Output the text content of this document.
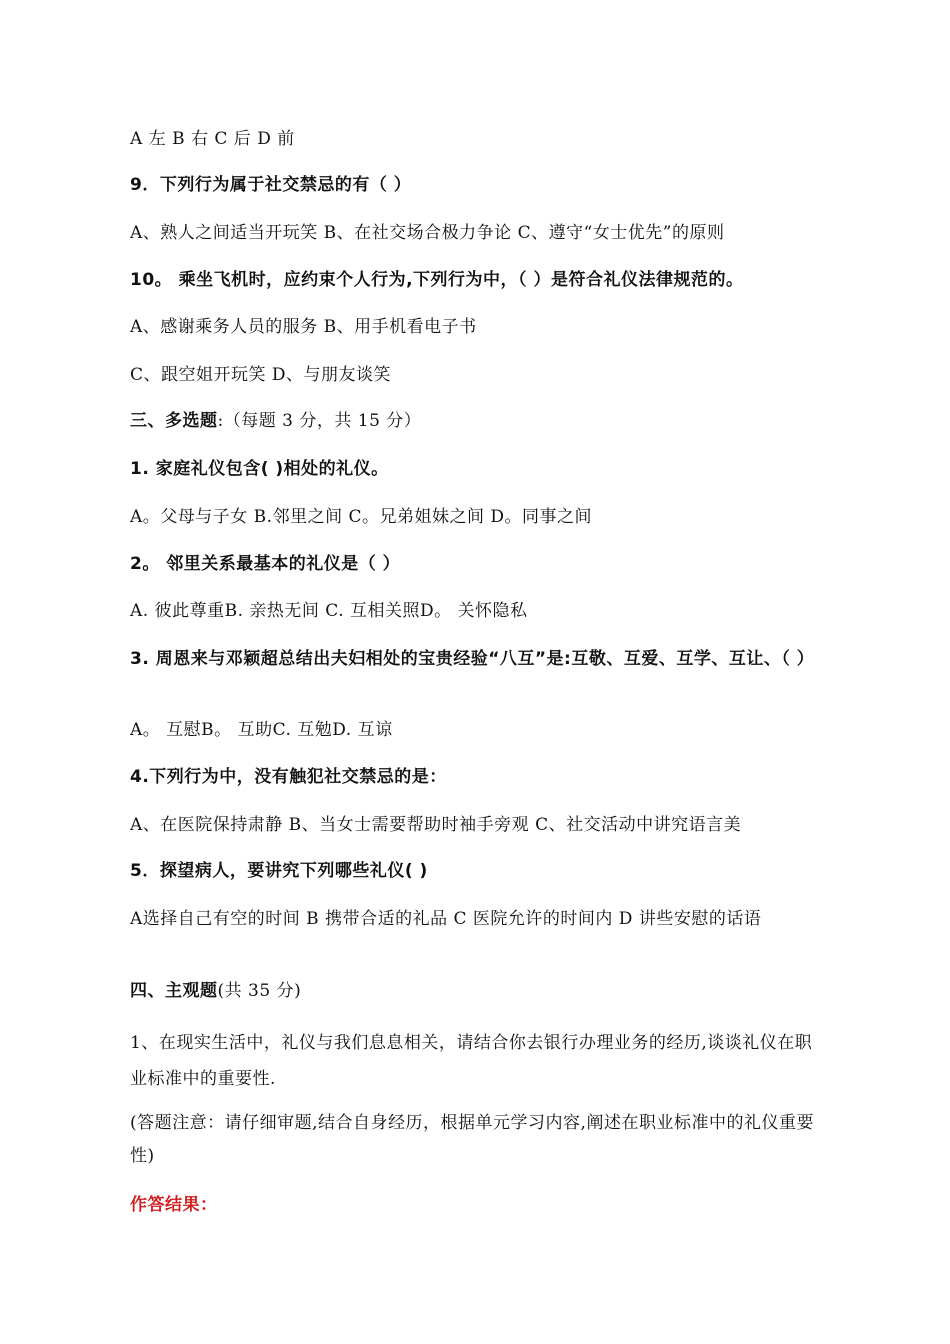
A 左 B 右 C 后 D 前
9．下列行为属于社交禁忌的有（ ）
A、熟人之间适当开玩笑 B、在社交场合极力争论 C、遵守“女士优先”的原则
10。 乘坐飞机时，应约束个人行为,下列行为中，（ ）是符合礼仪法律规范的。
A、感谢乘务人员的服务 B、用手机看电子书
C、跟空姐开玩笑 D、与朋友谈笑
三、多选题:（每题 3 分，共 15 分）
1. 家庭礼仪包含( )相处的礼仪。
A。父母与子女 B.邻里之间 C。兄弟姐妹之间 D。同事之间
2。 邻里关系最基本的礼仪是（ ）
A. 彼此尊重B. 亲热无间 C. 互相关照D。 关怀隐私
3. 周恩来与邓颖超总结出夫妇相处的宝贵经验“八互”是:互敬、互爱、互学、互让、（ ）
A。 互慰B。 互助C. 互勉D. 互谅
4.下列行为中，没有触犯社交禁忌的是：
A、在医院保持肃静 B、当女士需要帮助时袖手旁观 C、社交活动中讲究语言美
5．探望病人，要讲究下列哪些礼仪( )
A选择自己有空的时间 B 携带合适的礼品 C 医院允许的时间内 D 讲些安慰的话语
四、主观题(共 35 分)
1、在现实生活中，礼仪与我们息息相关，请结合你去银行办理业务的经历,谈谈礼仪在职业标准中的重要性.
(答题注意：请仔细审题,结合自身经历，根据单元学习内容,阐述在职业标准中的礼仪重要性)
作答结果：
